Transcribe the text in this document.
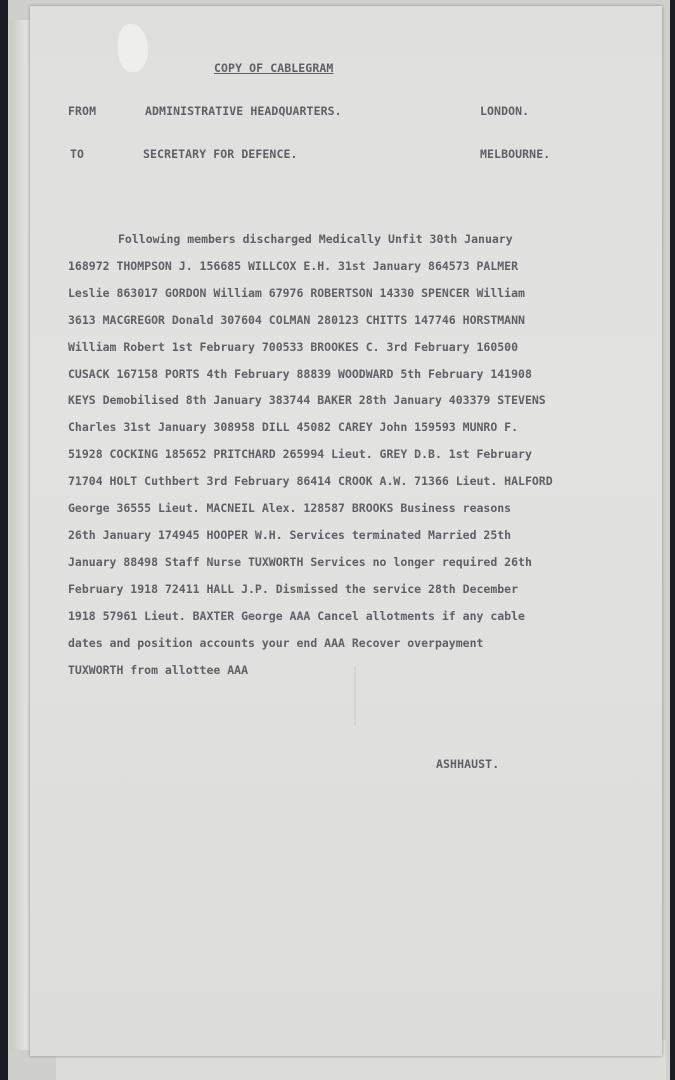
COPY OF CABLEGRAM
FROM	ADMINISTRATIVE HEADQUARTERS.	LONDON.
TO	SECRETARY FOR DEFENCE.	MELBOURNE.
Following members discharged Medically Unfit 30th January
168972 THOMPSON J. 156685 WILLCOX E.H. 31st January 864573 PALMER
Leslie 863017 GORDON William 67976 ROBERTSON 14330 SPENCER William
3613 MACGREGOR Donald 307604 COLMAN 280123 CHITTS 147746 HORSTMANN
William Robert 1st February 700533 BROOKES C. 3rd February 160500
CUSACK 167158 PORTS 4th February 88839 WOODWARD 5th February 141908
KEYS Demobilised 8th January 383744 BAKER 28th January 403379 STEVENS
Charles 31st January 308958 DILL 45082 CAREY John 159593 MUNRO F.
51928 COCKING 185652 PRITCHARD 265994 Lieut. GREY D.B. 1st February
71704 HOLT Cuthbert 3rd February 86414 CROOK A.W. 71366 Lieut. HALFORD
George 36555 Lieut. MACNEIL Alex. 128587 BROOKS Business reasons
26th January 174945 HOOPER W.H. Services terminated Married 25th
January 88498 Staff Nurse TUXWORTH Services no longer required 26th
February 1918 72411 HALL J.P. Dismissed the service 28th December
1918 57961 Lieut. BAXTER George AAA Cancel allotments if any cable
dates and position accounts your end AAA Recover overpayment
TUXWORTH from allottee AAA
ASHHAUST.
